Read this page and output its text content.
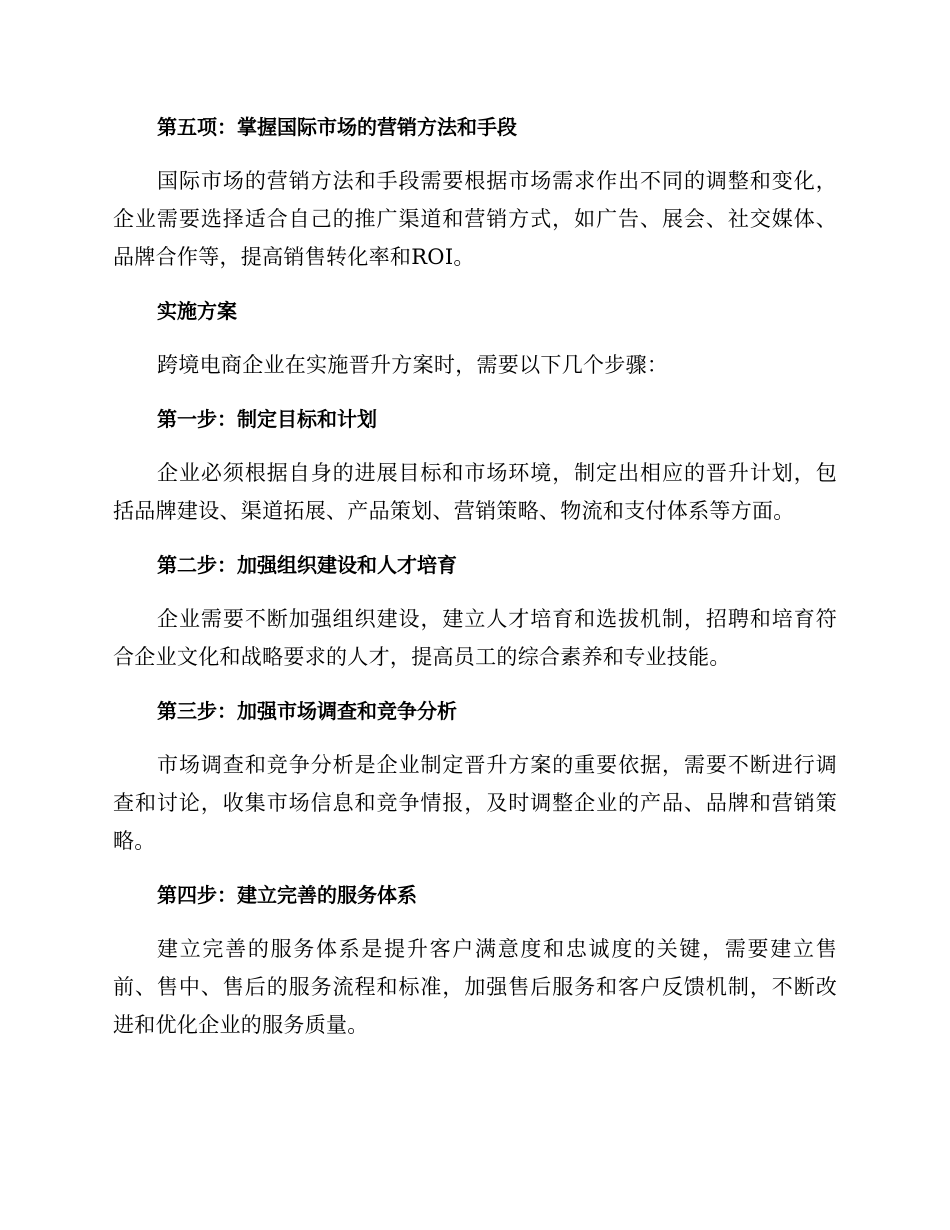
第五项：掌握国际市场的营销方法和手段

国际市场的营销方法和手段需要根据市场需求作出不同的调整和变化，企业需要选择适合自己的推广渠道和营销方式，如广告、展会、社交媒体、品牌合作等，提高销售转化率和ROI。

实施方案

跨境电商企业在实施晋升方案时，需要以下几个步骤：

第一步：制定目标和计划

企业必须根据自身的进展目标和市场环境，制定出相应的晋升计划，包括品牌建设、渠道拓展、产品策划、营销策略、物流和支付体系等方面。

第二步：加强组织建设和人才培育

企业需要不断加强组织建设，建立人才培育和选拔机制，招聘和培育符合企业文化和战略要求的人才，提高员工的综合素养和专业技能。

第三步：加强市场调查和竞争分析

市场调查和竞争分析是企业制定晋升方案的重要依据，需要不断进行调查和讨论，收集市场信息和竞争情报，及时调整企业的产品、品牌和营销策略。

第四步：建立完善的服务体系

建立完善的服务体系是提升客户满意度和忠诚度的关键，需要建立售前、售中、售后的服务流程和标准，加强售后服务和客户反馈机制，不断改进和优化企业的服务质量。
